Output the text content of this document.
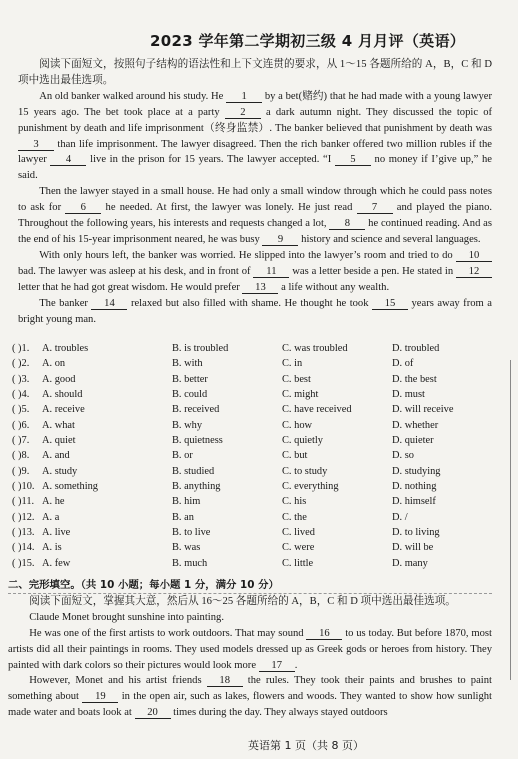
2023 学年第二学期初三级 4 月月评（英语）

阅读下面短文，按照句子结构的语法性和上下文连贯的要求，从 1～15 各题所给的 A，B，C 和 D 项中选出最佳选项。

An old banker walked around his study. He 1 by a bet(赌约) that he had made with a young lawyer 15 years ago. The bet took place at a party 2 a dark autumn night. They discussed the topic of punishment by death and life imprisonment（终身监禁）. The banker believed that punishment by death was 3 than life imprisonment. The lawyer disagreed. Then the rich banker offered two million rubles if the lawyer 4 live in the prison for 15 years. The lawyer accepted. “I 5 no money if I’give up,” he said.

Then the lawyer stayed in a small house. He had only a small window through which he could pass notes to ask for 6 he needed. At first, the lawyer was lonely. He just read 7 and played the piano. Throughout the following years, his interests and requests changed a lot, 8 he continued reading. And as the end of his 15-year imprisonment neared, he was busy 9 history and science and several languages.

With only hours left, the banker was worried. He slipped into the lawyer’s room and tried to do 10 bad. The lawyer was asleep at his desk, and in front of 11 was a letter beside a pen. He stated in 12 letter that he had got great wisdom. He would prefer 13 a life without any wealth.

The banker 14 relaxed but also filled with shame. He thought he took 15 years away from a bright young man.

( )1. A. troubles	B. is troubled	C. was troubled	D. troubled
( )2. A. on	B. with	C. in	D. of
( )3. A. good	B. better	C. best	D. the best
( )4. A. should	B. could	C. might	D. must
( )5. A. receive	B. received	C. have received	D. will receive
( )6. A. what	B. why	C. how	D. whether
( )7. A. quiet	B. quietness	C. quietly	D. quieter
( )8. A. and	B. or	C. but	D. so
( )9. A. study	B. studied	C. to study	D. studying
( )10. A. something	B. anything	C. everything	D. nothing
( )11. A. he	B. him	C. his	D. himself
( )12. A. a	B. an	C. the	D. /
( )13. A. live	B. to live	C. lived	D. to living
( )14. A. is	B. was	C. were	D. will be
( )15. A. few	B. much	C. little	D. many
二、完形填空。（共 10 小题；每小题 1 分，满分 10 分）

阅读下面短文，掌握其大意，然后从 16～25 各题所给的 A，B，C 和 D 项中选出最佳选项。

Claude Monet brought sunshine into painting.

He was one of the first artists to work outdoors. That may sound 16 to us today. But before 1870, most artists did all their paintings in rooms. They used models dressed up as Greek gods or heroes from history. They painted with dark colors so their pictures would look more 17 .

However, Monet and his artist friends 18 the rules. They took their paints and brushes to paint something about 19 in the open air, such as lakes, flowers and woods. They wanted to show how sunlight made water and boats look at 20 times during the day. They always stayed outdoors

英语第 1 页（共 8 页）
